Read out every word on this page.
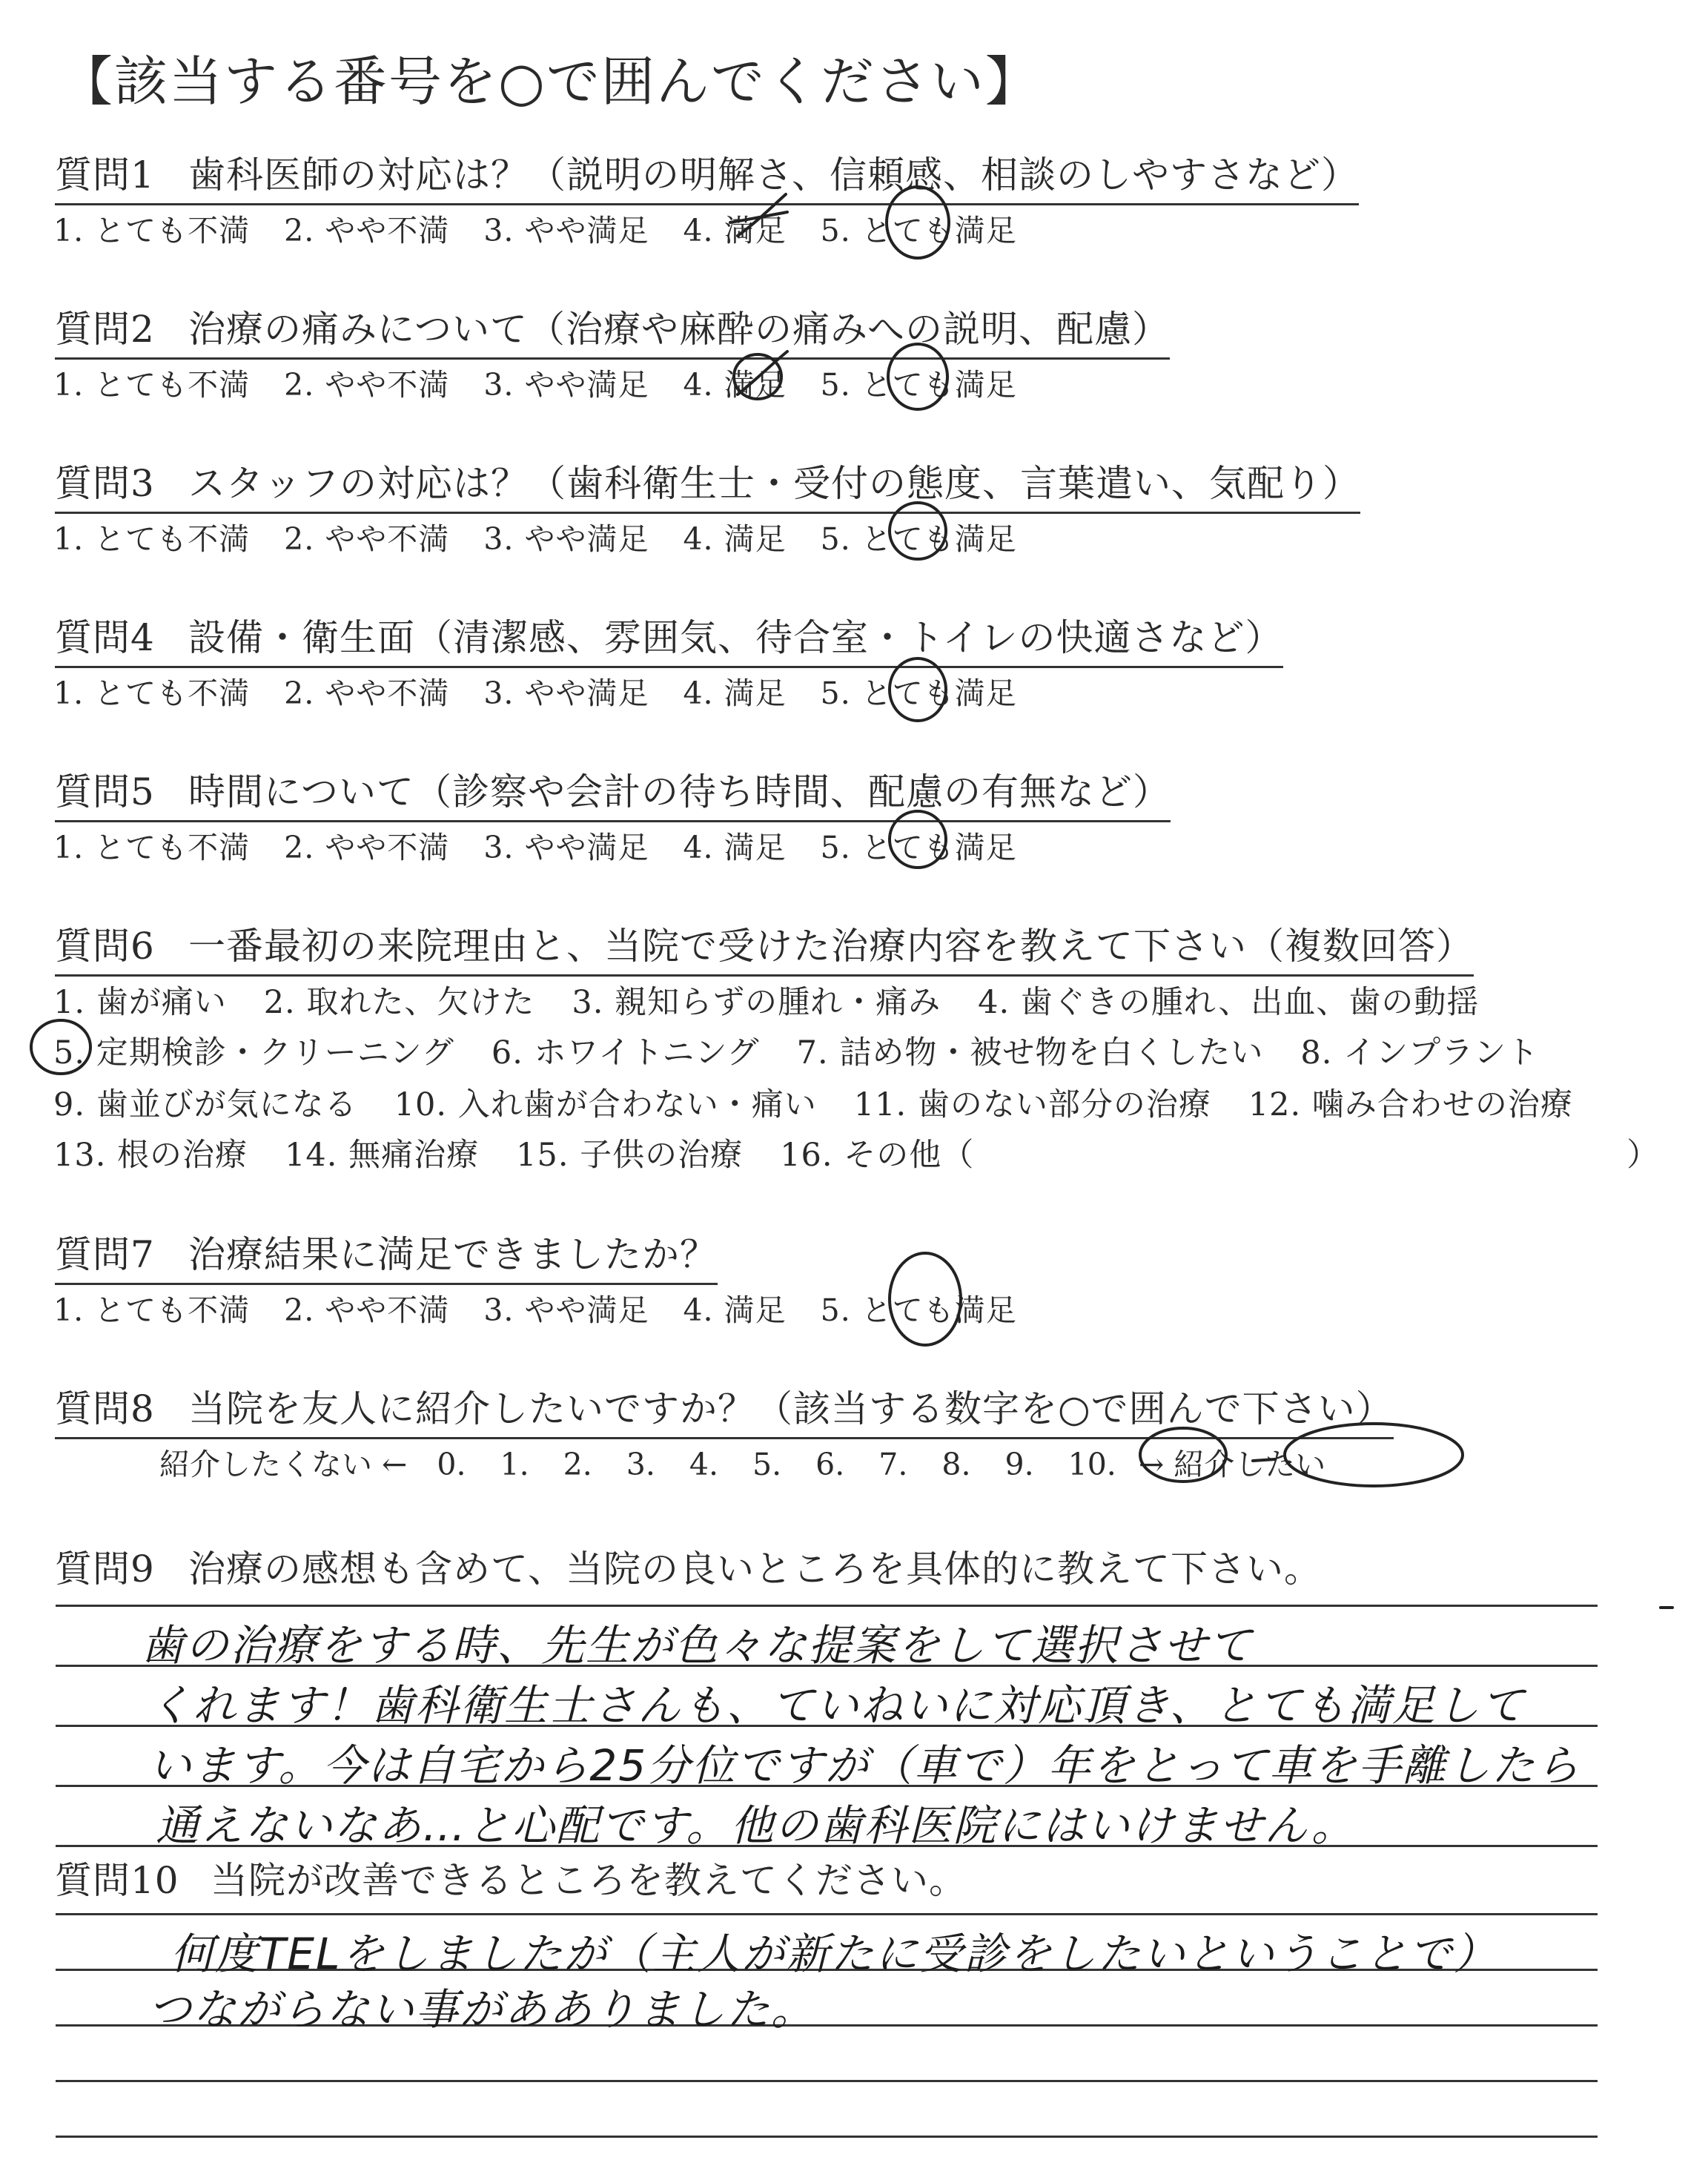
【該当する番号を○で囲んでください】
質問1 歯科医師の対応は？（説明の明解さ、信頼感、相談のしやすさなど）
1. とても不満 2. やや不満 3. やや満足 4. 満足 5. とても満足
質問2 治療の痛みについて（治療や麻酔の痛みへの説明、配慮）
1. とても不満 2. やや不満 3. やや満足 4. 満足 5. とても満足
質問3 スタッフの対応は？（歯科衛生士・受付の態度、言葉遣い、気配り）
1. とても不満 2. やや不満 3. やや満足 4. 満足 5. とても満足
質問4 設備・衛生面（清潔感、雰囲気、待合室・トイレの快適さなど）
1. とても不満 2. やや不満 3. やや満足 4. 満足 5. とても満足
質問5 時間について（診察や会計の待ち時間、配慮の有無など）
1. とても不満 2. やや不満 3. やや満足 4. 満足 5. とても満足
質問6 一番最初の来院理由と、当院で受けた治療内容を教えて下さい（複数回答）
1. 歯が痛い 2. 取れた、欠けた 3. 親知らずの腫れ・痛み 4. 歯ぐきの腫れ、出血、歯の動揺
5. 定期検診・クリーニング 6. ホワイトニング 7. 詰め物・被せ物を白くしたい 8. インプラント
9. 歯並びが気になる 10. 入れ歯が合わない・痛い 11. 歯のない部分の治療 12. 噛み合わせの治療
13. 根の治療 14. 無痛治療 15. 子供の治療 16. その他（　　　　　　　　　　　　　　　　　　　　）
質問7 治療結果に満足できましたか？
1. とても不満 2. やや不満 3. やや満足 4. 満足 5. とても満足
質問8 当院を友人に紹介したいですか？（該当する数字を○で囲んで下さい）
紹介したくない ← 0. 1. 2. 3. 4. 5. 6. 7. 8. 9. 10. → 紹介したい
質問9 治療の感想も含めて、当院の良いところを具体的に教えて下さい。
歯の治療をする時、先生が色々な提案をして選択させて
くれます！歯科衛生士さんも、ていねいに対応頂き、とても満足して
います。今は自宅から25分位ですが（車で）年をとって車を手離したら
通えないなあ…と心配です。他の歯科医院にはいけません。
質問10 当院が改善できるところを教えてください。
何度TELをしましたが（主人が新たに受診をしたいということで）
つながらない事があありました。
